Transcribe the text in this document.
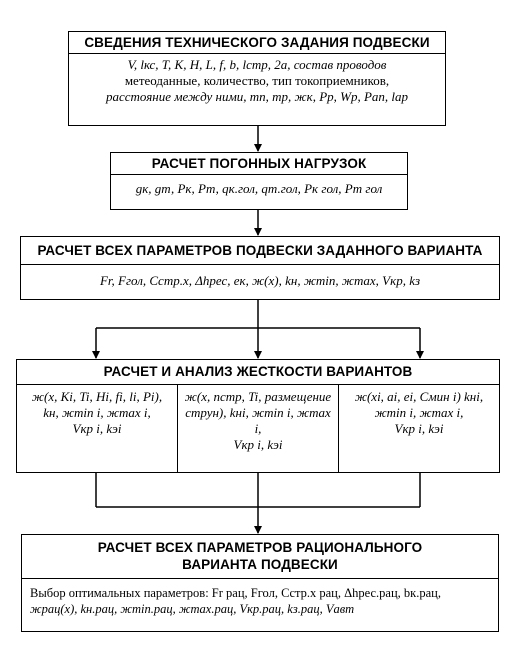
СВЕДЕНИЯ ТЕХНИЧЕСКОГО ЗАДАНИЯ ПОДВЕСКИ
V, lкс, T, K, H, L, f, b, lстр, 2а, состав проводов
метеоданные, количество, тип токоприемников,
расстояние между ними, mп, mр, жк, Pр, Wр, Pап, lар
РАСЧЕТ ПОГОННЫХ НАГРУЗОК
gк, gт, Pк, Pт, qк.гол, qт.гол, Pк гол, Pт гол
РАСЧЕТ ВСЕХ ПАРАМЕТРОВ ПОДВЕСКИ ЗАДАННОГО ВАРИАНТА
Fr, Fгол, Cстр.х, Δhрес, eк, ж(х), kн, жmin, жmax, Vкр, kз
РАСЧЕТ И АНАЛИЗ ЖЕСТКОСТИ ВАРИАНТОВ
ж(x, Ki, Ti, Hi, fi, li, Pi),
kн, жmin i, жmax i,
Vкр i, kэi
ж(x, nстр, Ti, размещение
струн), kнi, жmin i, жmax i,
Vкр i, kэi
ж(xi, ai, ei, Cмин i) kнi,
жmin i, жmax i,
Vкр i, kэi
РАСЧЕТ ВСЕХ ПАРАМЕТРОВ РАЦИОНАЛЬНОГО
ВАРИАНТА ПОДВЕСКИ
Выбор оптимальных параметров: Fr рац, Fгол, Cстр.х рац, Δhрес.рац, bк.рац,
жрац(х), kн.рац, жmin.рац, жmax.рац, Vкр.рац, kз.рац, Vавт
